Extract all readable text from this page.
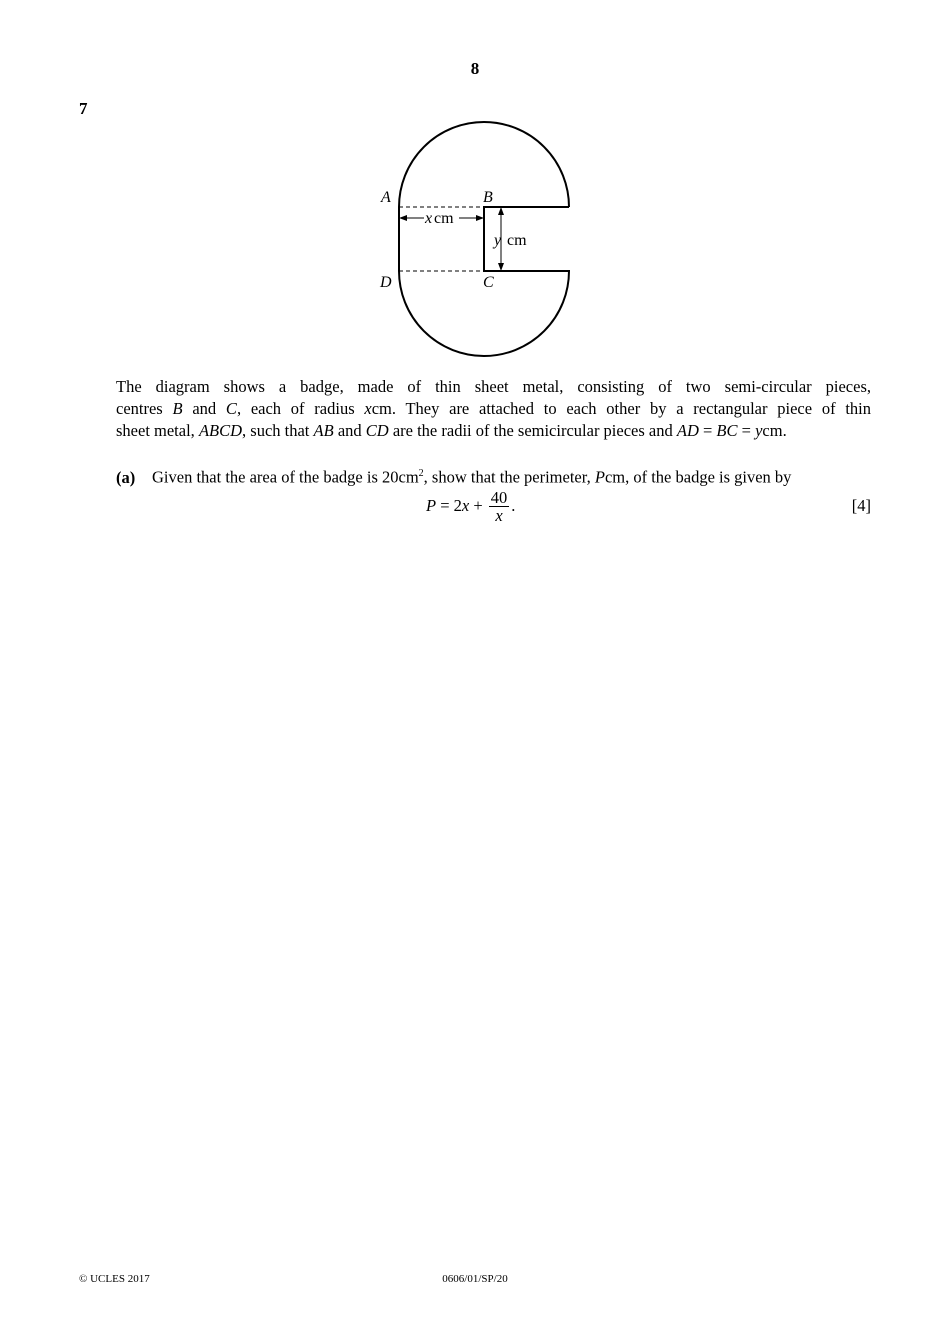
8
7
A	B
D	C
x cm
y cm
The diagram shows a badge, made of thin sheet metal, consisting of two semi-circular pieces,
centres B and C, each of radius xcm. They are attached to each other by a rectangular piece of thin
sheet metal, ABCD, such that AB and CD are the radii of the semicircular pieces and AD = BC = ycm.
(a) Given that the area of the badge is $20cm^2$, show that the perimeter, Pcm, of the badge is given by
P = 2 $x + \frac{40}{x}$ .	[4]
© UCLES 2017	0606/01/SP/20
